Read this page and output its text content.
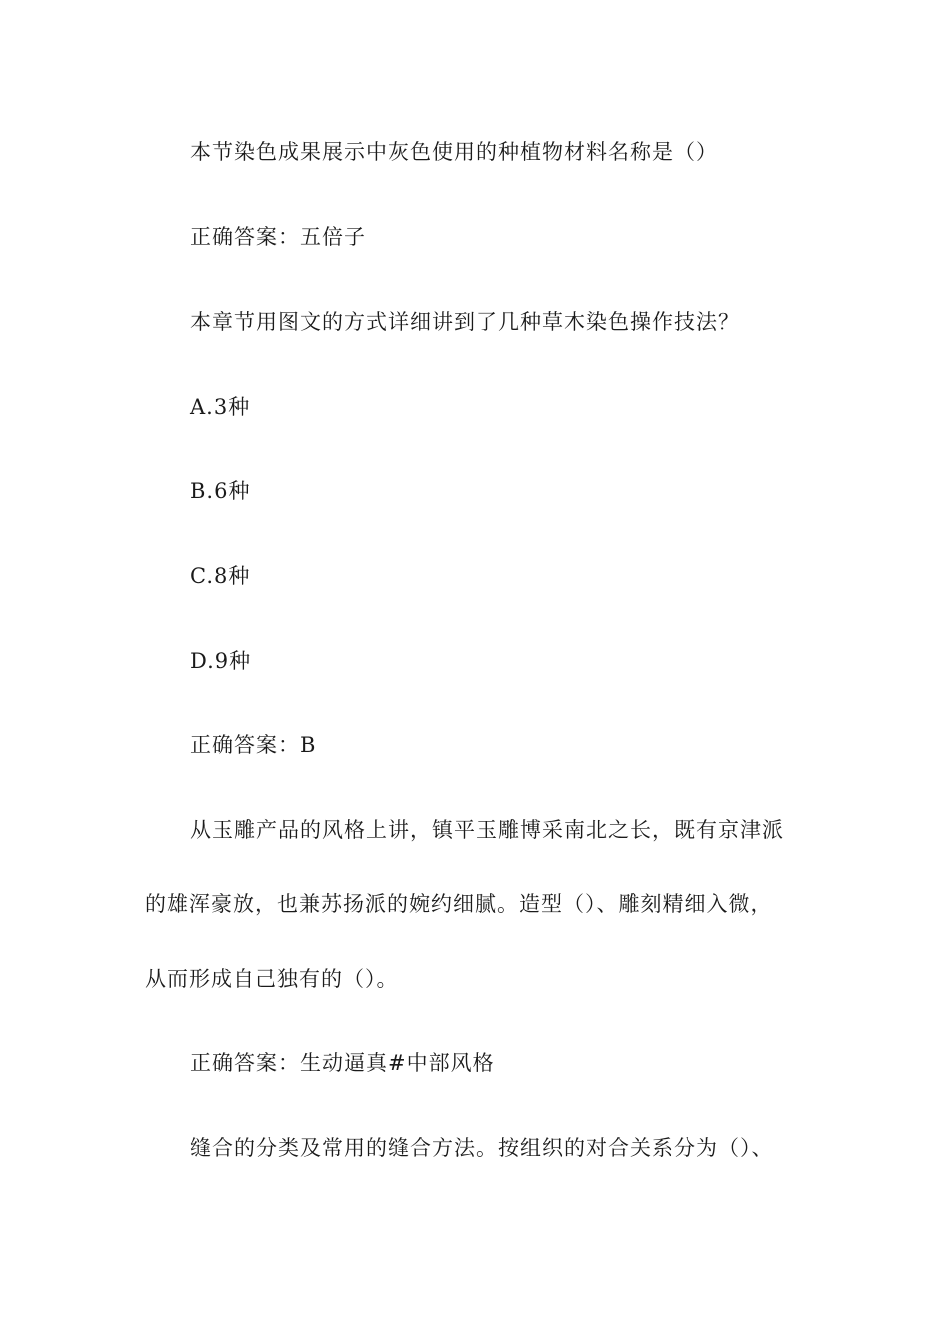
本节染色成果展示中灰色使用的种植物材料名称是（）
正确答案：五倍子
本章节用图文的方式详细讲到了几种草木染色操作技法？
A.3种
B.6种
C.8种
D.9种
正确答案：B
从玉雕产品的风格上讲，镇平玉雕博采南北之长，既有京津派
的雄浑豪放，也兼苏扬派的婉约细腻。造型（）、雕刻精细入微，
从而形成自己独有的（）。
正确答案：生动逼真#中部风格
缝合的分类及常用的缝合方法。按组织的对合关系分为（）、
